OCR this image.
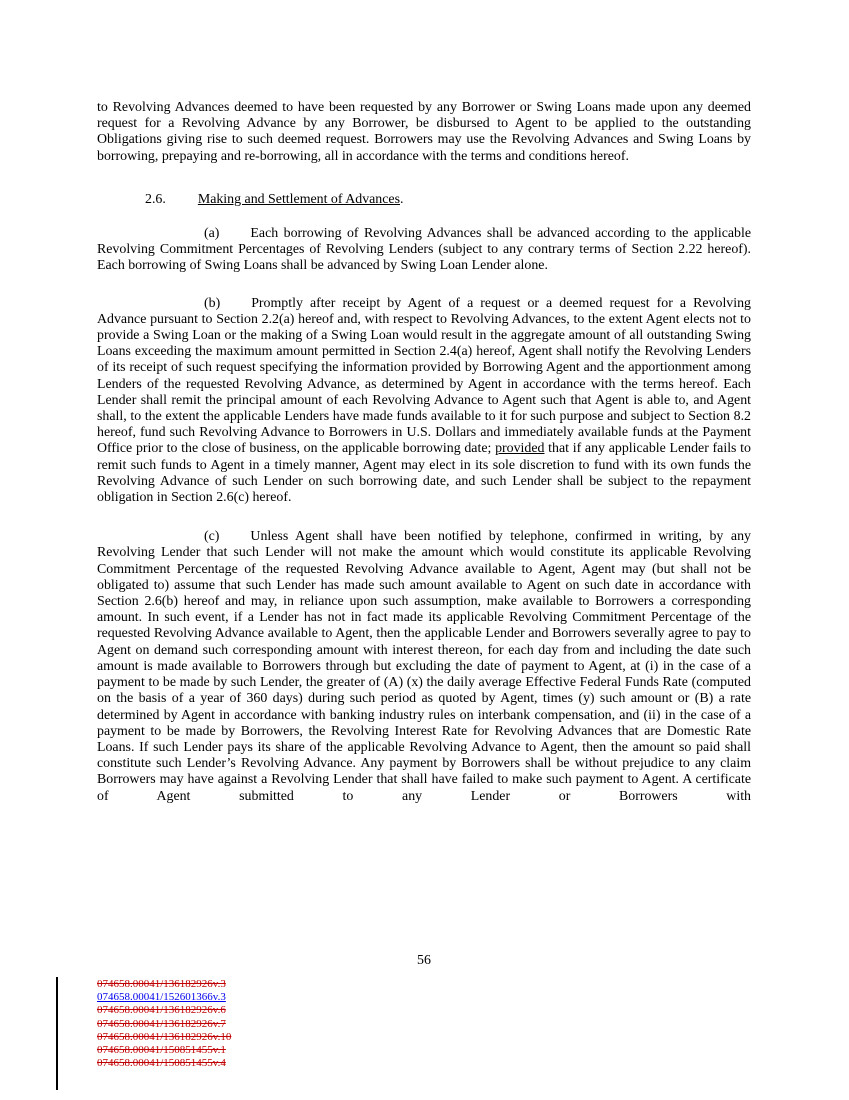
to Revolving Advances deemed to have been requested by any Borrower or Swing Loans made upon any deemed request for a Revolving Advance by any Borrower, be disbursed to Agent to be applied to the outstanding Obligations giving rise to such deemed request. Borrowers may use the Revolving Advances and Swing Loans by borrowing, prepaying and re-borrowing, all in accordance with the terms and conditions hereof.

2.6. Making and Settlement of Advances.

(a) Each borrowing of Revolving Advances shall be advanced according to the applicable Revolving Commitment Percentages of Revolving Lenders (subject to any contrary terms of Section 2.22 hereof). Each borrowing of Swing Loans shall be advanced by Swing Loan Lender alone.

(b) Promptly after receipt by Agent of a request or a deemed request for a Revolving Advance pursuant to Section 2.2(a) hereof and, with respect to Revolving Advances, to the extent Agent elects not to provide a Swing Loan or the making of a Swing Loan would result in the aggregate amount of all outstanding Swing Loans exceeding the maximum amount permitted in Section 2.4(a) hereof, Agent shall notify the Revolving Lenders of its receipt of such request specifying the information provided by Borrowing Agent and the apportionment among Lenders of the requested Revolving Advance, as determined by Agent in accordance with the terms hereof. Each Lender shall remit the principal amount of each Revolving Advance to Agent such that Agent is able to, and Agent shall, to the extent the applicable Lenders have made funds available to it for such purpose and subject to Section 8.2 hereof, fund such Revolving Advance to Borrowers in U.S. Dollars and immediately available funds at the Payment Office prior to the close of business, on the applicable borrowing date; provided that if any applicable Lender fails to remit such funds to Agent in a timely manner, Agent may elect in its sole discretion to fund with its own funds the Revolving Advance of such Lender on such borrowing date, and such Lender shall be subject to the repayment obligation in Section 2.6(c) hereof.

(c) Unless Agent shall have been notified by telephone, confirmed in writing, by any Revolving Lender that such Lender will not make the amount which would constitute its applicable Revolving Commitment Percentage of the requested Revolving Advance available to Agent, Agent may (but shall not be obligated to) assume that such Lender has made such amount available to Agent on such date in accordance with Section 2.6(b) hereof and may, in reliance upon such assumption, make available to Borrowers a corresponding amount. In such event, if a Lender has not in fact made its applicable Revolving Commitment Percentage of the requested Revolving Advance available to Agent, then the applicable Lender and Borrowers severally agree to pay to Agent on demand such corresponding amount with interest thereon, for each day from and including the date such amount is made available to Borrowers through but excluding the date of payment to Agent, at (i) in the case of a payment to be made by such Lender, the greater of (A) (x) the daily average Effective Federal Funds Rate (computed on the basis of a year of 360 days) during such period as quoted by Agent, times (y) such amount or (B) a rate determined by Agent in accordance with banking industry rules on interbank compensation, and (ii) in the case of a payment to be made by Borrowers, the Revolving Interest Rate for Revolving Advances that are Domestic Rate Loans. If such Lender pays its share of the applicable Revolving Advance to Agent, then the amount so paid shall constitute such Lender’s Revolving Advance. Any payment by Borrowers shall be without prejudice to any claim Borrowers may have against a Revolving Lender that shall have failed to make such payment to Agent. A certificate of Agent submitted to any Lender or Borrowers with

56
074658.00041/136182926v.3
074658.00041/152601366v.3
074658.00041/136182926v.6
074658.00041/136182926v.7
074658.00041/136182926v.10
074658.00041/150851455v.1
074658.00041/150851455v.4
